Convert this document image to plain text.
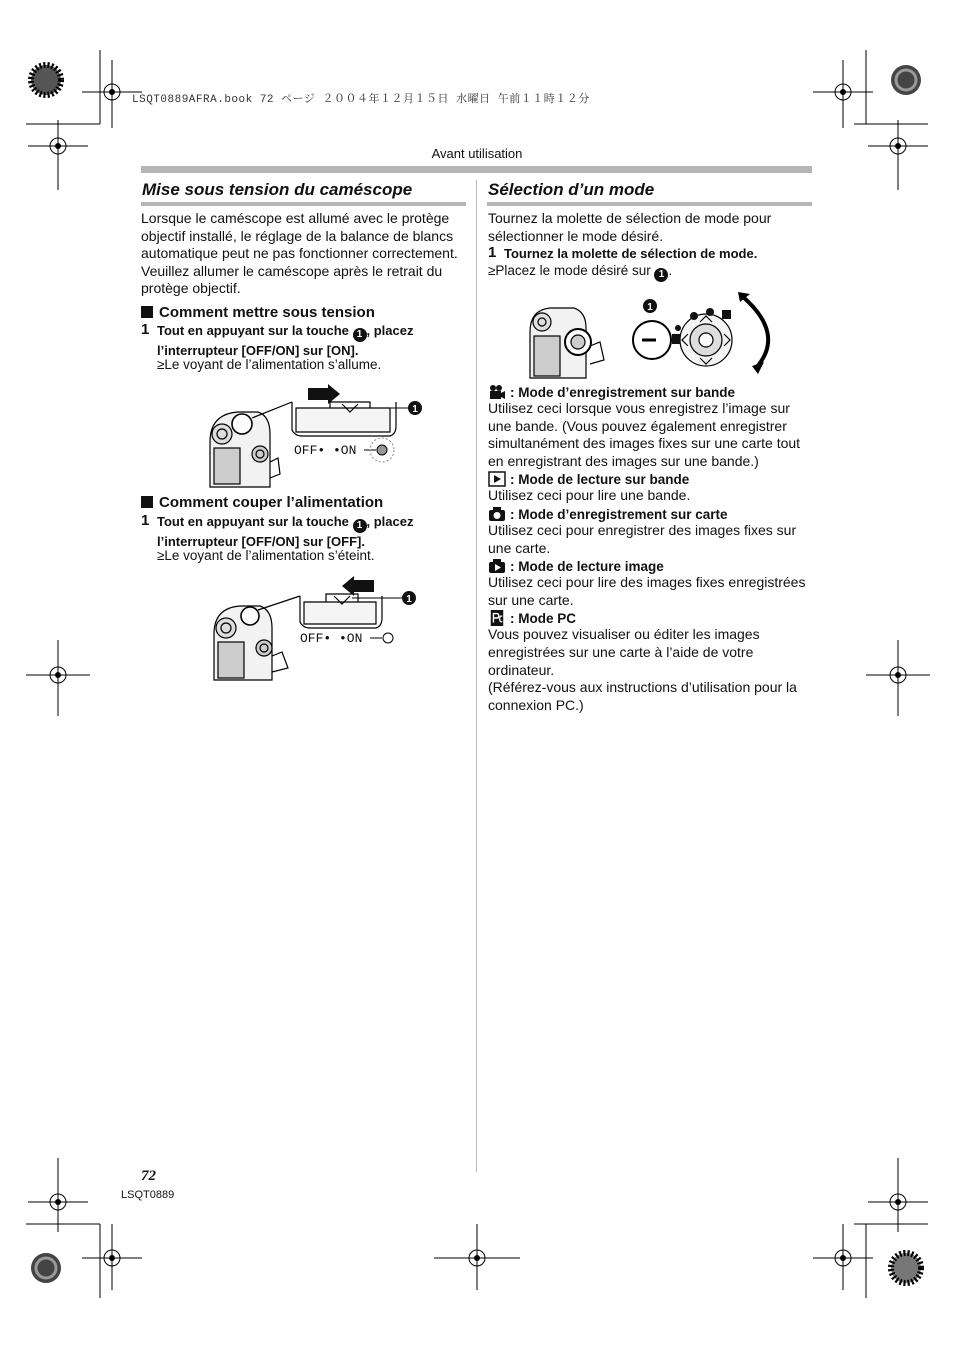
LSQT0889AFRA.book 72 ページ ２００４年１２月１５日 水曜日 午前１１時１２分
Avant utilisation
Mise sous tension du caméscope
Lorsque le caméscope est allumé avec le protège objectif installé, le réglage de la balance de blancs automatique peut ne pas fonctionner correctement. Veuillez allumer le caméscope après le retrait du protège objectif.
Comment mettre sous tension
1 Tout en appuyant sur la touche 1 , placez l’interrupteur [OFF/ON] sur [ON].
≥Le voyant de l’alimentation s’allume.
1
OFF• •ON
Comment couper l’alimentation
1 Tout en appuyant sur la touche 1 , placez l’interrupteur [OFF/ON] sur [OFF].
≥Le voyant de l’alimentation s’éteint.
1
OFF• •ON
Sélection d’un mode
Tournez la molette de sélection de mode pour sélectionner le mode désiré.
1 Tournez la molette de sélection de mode.
≥Placez le mode désiré sur 1 .
1
: Mode d’enregistrement sur bande
Utilisez ceci lorsque vous enregistrez l’image sur une bande. (Vous pouvez également enregistrer simultanément des images fixes sur une carte tout en enregistrant des images sur une bande.)
: Mode de lecture sur bande
Utilisez ceci pour lire une bande.
: Mode d’enregistrement sur carte
Utilisez ceci pour enregistrer des images fixes sur une carte.
: Mode de lecture image
Utilisez ceci pour lire des images fixes enregistrées sur une carte.
: Mode PC
Vous pouvez visualiser ou éditer les images enregistrées sur une carte à l’aide de votre ordinateur.
(Référez-vous aux instructions d’utilisation pour la connexion PC.)
72
LSQT0889
